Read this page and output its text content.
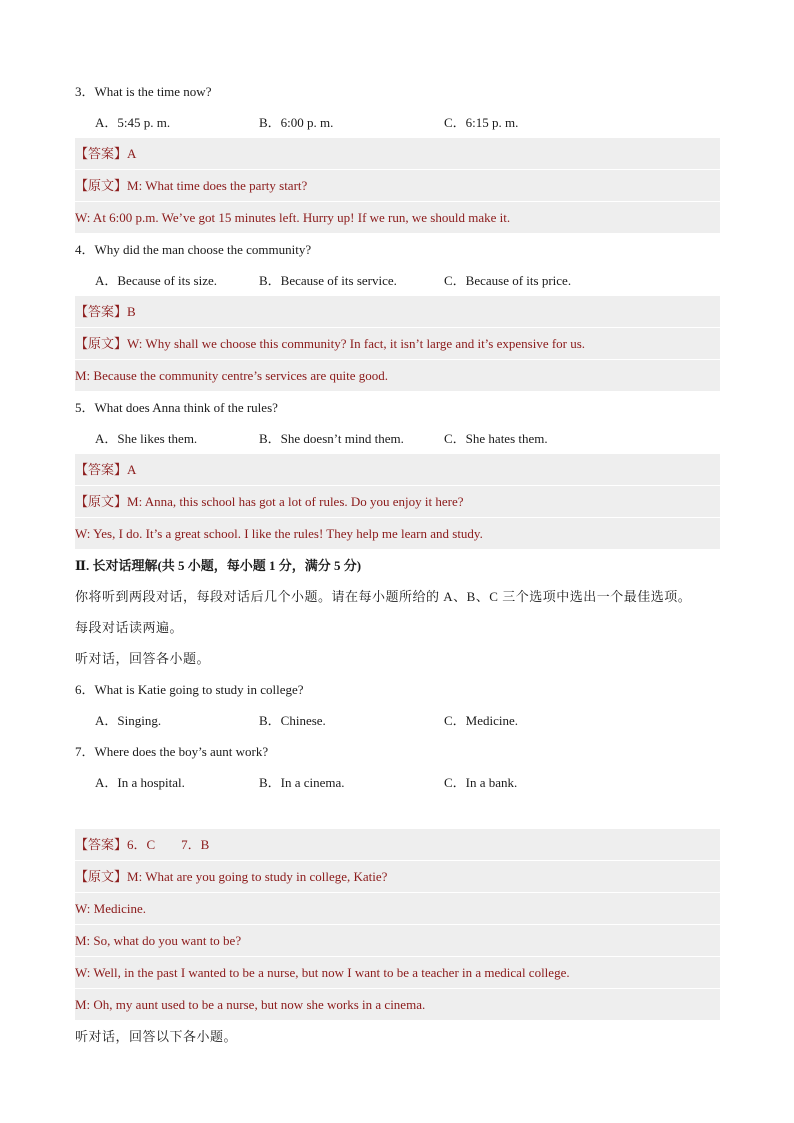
3．What is the time now?
A．5:45 p. m.	B．6:00 p. m.	C．6:15 p. m.
【答案】A
【原文】M: What time does the party start?
W: At 6:00 p.m. We’ve got 15 minutes left. Hurry up! If we run, we should make it.
4．Why did the man choose the community?
A．Because of its size.	B．Because of its service.	C．Because of its price.
【答案】B
【原文】W: Why shall we choose this community? In fact, it isn’t large and it’s expensive for us.
M: Because the community centre’s services are quite good.
5．What does Anna think of the rules?
A．She likes them.	B．She doesn’t mind them.	C．She hates them.
【答案】A
【原文】M: Anna, this school has got a lot of rules. Do you enjoy it here?
W: Yes, I do. It’s a great school. I like the rules! They help me learn and study.
Ⅱ. 长对话理解(共 5 小题，每小题 1 分，满分 5 分)
你将听到两段对话，每段对话后几个小题。请在每小题所给的 A、B、C 三个选项中选出一个最佳选项。
每段对话读两遍。
听对话，回答各小题。
6．What is Katie going to study in college?
A．Singing.	B．Chinese.	C．Medicine.
7．Where does the boy’s aunt work?
A．In a hospital.	B．In a cinema.	C．In a bank.
【答案】6．C　　7．B
【原文】M: What are you going to study in college, Katie?
W: Medicine.
M: So, what do you want to be?
W: Well, in the past I wanted to be a nurse, but now I want to be a teacher in a medical college.
M: Oh, my aunt used to be a nurse, but now she works in a cinema.
听对话，回答以下各小题。
